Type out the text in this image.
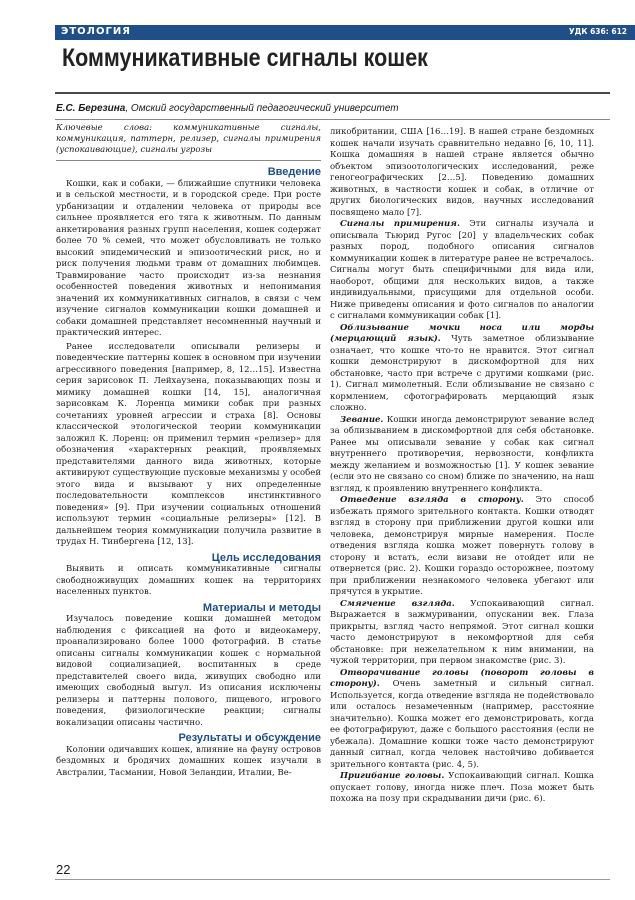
ЭТОЛОГИЯ	УДК 636: 612
Коммуникативные сигналы кошек
Е.С. Березина, Омский государственный педагогический университет

Ключевые слова: коммуникативные сигналы, коммуникация, паттерн, релизер, сигналы примирения (успокаивающие), сигналы угрозы

Введение

Кошки, как и собаки, — ближайшие спутники человека и в сельской местности, и в городской среде. При росте урбанизации и отдалении человека от природы все сильнее проявляется его тяга к животным. По данным анкетирования разных групп населения, кошек содержат более 70 % семей, что может обусловливать не только высокий эпидемический и эпизоотический риск, но и риск получения людьми травм от домашних любимцев. Травмирование часто происходит из-за незнания особенностей поведения животных и непонимания значений их коммуникативных сигналов, в связи с чем изучение сигналов коммуникации кошки домашней и собаки домашней представляет несомненный научный и практический интерес.

Ранее исследователи описывали релизеры и поведенческие паттерны кошек в основном при изучении агрессивного поведения [например, 8, 12…15]. Известна серия зарисовок П. Лейхаузена, показывающих позы и мимику домашней кошки [14, 15], аналогичная зарисовкам К. Лоренца мимики собак при разных сочетаниях уровней агрессии и страха [8]. Основы классической этологической теории коммуникации заложил К. Лоренц: он применил термин «релизер» для обозначения «характерных реакций, проявляемых представителями данного вида животных, которые активируют существующие пусковые механизмы у особей этого вида и вызывают у них определенные последовательности комплексов инстинктивного поведения» [9]. При изучении социальных отношений используют термин «социальные релизеры» [12]. В дальнейшем теория коммуникации получила развитие в трудах Н. Тинбергена [12, 13].

Цель исследования

Выявить и описать коммуникативные сигналы свободноживущих домашних кошек на территориях населенных пунктов.

Материалы и методы

Изучалось поведение кошки домашней методом наблюдения с фиксацией на фото и видеокамеру, проанализировано более 1000 фотографий. В статье описаны сигналы коммуникации кошек с нормальной видовой социализацией, воспитанных в среде представителей своего вида, живущих свободно или имеющих свободный выгул. Из описания исключены релизеры и паттерны полового, пищевого, игрового поведения, физиологические реакции; сигналы вокализации описаны частично.

Результаты и обсуждение

Колонии одичавших кошек, влияние на фауну островов бездомных и бродячих домашних кошек изучали в Австралии, Тасмании, Новой Зеландии, Италии, Ве-

ликобритании, США [16…19]. В нашей стране бездомных кошек начали изучать сравнительно недавно [6, 10, 11]. Кошка домашняя в нашей стране является обычно объектом эпизоотологических исследований, реже геногеографических [2…5]. Поведению домашних животных, в частности кошек и собак, в отличие от других биологических видов, научных исследований посвящено мало [7].

Сигналы примирения. Эти сигналы изучала и описывала Тьюрид Ругос [20] у владельческих собак разных пород, подобного описания сигналов коммуникации кошек в литературе ранее не встречалось. Сигналы могут быть специфичными для вида или, наоборот, общими для нескольких видов, а также индивидуальными, присущими для отдельной особи. Ниже приведены описания и фото сигналов по аналогии с сигналами коммуникации собак [1].

Облизывание мочки носа или морды (мерцающий язык). Чуть заметное облизывание означает, что кошке что-то не нравится. Этот сигнал кошки демонстрируют в дискомфортной для них обстановке, часто при встрече с другими кошками (рис. 1). Сигнал мимолетный. Если облизывание не связано с кормлением, сфотографировать мерцающий язык сложно.

Зевание. Кошки иногда демонстрируют зевание вслед за облизыванием в дискомфортной для себя обстановке. Ранее мы описывали зевание у собак как сигнал внутреннего противоречия, нервозности, конфликта между желанием и возможностью [1]. У кошек зевание (если это не связано со сном) ближе по значению, на наш взгляд, к проявлению внутреннего конфликта.

Отведение взгляда в сторону. Это способ избежать прямого зрительного контакта. Кошки отводят взгляд в сторону при приближении другой кошки или человека, демонстрируя мирные намерения. После отведения взгляда кошка может повернуть голову в сторону и встать, если визави не отойдет или не отвернется (рис. 2). Кошки гораздо осторожнее, поэтому при приближении незнакомого человека убегают или прячутся в укрытие.

Смягчение взгляда. Успокаивающий сигнал. Выражается в зажмуривании, опускании век. Глаза прикрыты, взгляд часто непрямой. Этот сигнал кошки часто демонстрируют в некомфортной для себя обстановке: при нежелательном к ним внимании, на чужой территории, при первом знакомстве (рис. 3).

Отворачивание головы (поворот головы в сторону). Очень заметный и сильный сигнал. Используется, когда отведение взгляда не подействовало или осталось незамеченным (например, расстояние значительно). Кошка может его демонстрировать, когда ее фотографируют, даже с большого расстояния (если не убежала). Домашние кошки тоже часто демонстрируют данный сигнал, когда человек настойчиво добивается зрительного контакта (рис. 4, 5).

Пригибание головы. Успокаивающий сигнал. Кошка опускает голову, иногда ниже плеч. Поза может быть похожа на позу при скрадывании дичи (рис. 6).

22
